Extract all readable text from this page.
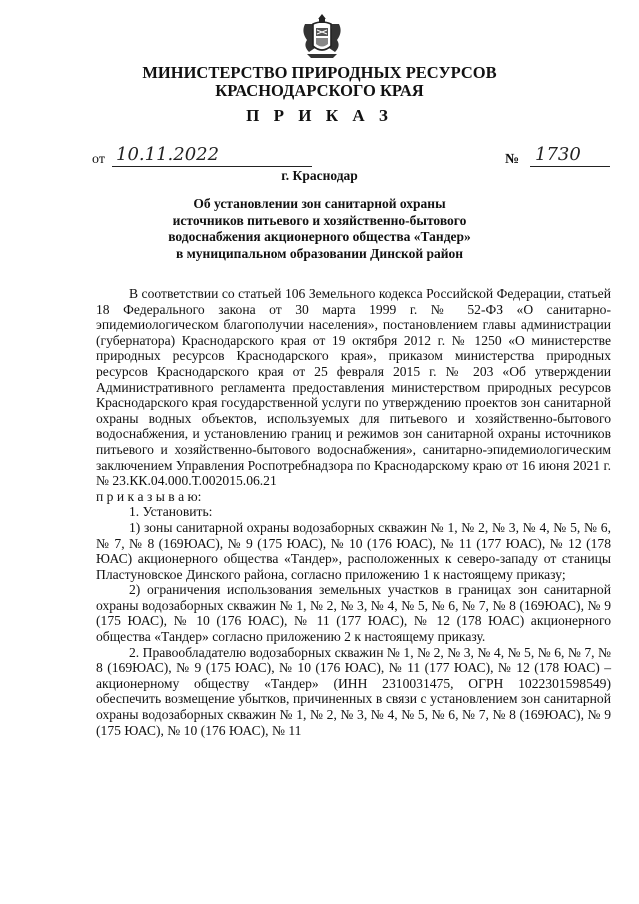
МИНИСТЕРСТВО ПРИРОДНЫХ РЕСУРСОВ
КРАСНОДАРСКОГО КРАЯ
П Р И К А З
от 10.11.2022	№ 1730
г. Краснодар
Об установлении зон санитарной охраны
источников питьевого и хозяйственно-бытового
водоснабжения акционерного общества «Тандер»
в муниципальном образовании Динской район

В соответствии со статьей 106 Земельного кодекса Российской Федерации, статьей 18 Федерального закона от 30 марта 1999 г. № 52-ФЗ «О санитарно-эпидемиологическом благополучии населения», постановлением главы администрации (губернатора) Краснодарского края от 19 октября 2012 г. № 1250 «О министерстве природных ресурсов Краснодарского края», приказом министерства природных ресурсов Краснодарского края от 25 февраля 2015 г. № 203 «Об утверждении Административного регламента предоставления министерством природных ресурсов Краснодарского края государственной услуги по утверждению проектов зон санитарной охраны водных объектов, используемых для питьевого и хозяйственно-бытового водоснабжения, и установлению границ и режимов зон санитарной охраны источников питьевого и хозяйственно-бытового водоснабжения», санитарно-эпидемиологическим заключением Управления Роспотребнадзора по Краснодарскому краю от 16 июня 2021 г. № 23.КК.04.000.Т.002015.06.21

п р и к а з ы в а ю:

1. Установить:

1) зоны санитарной охраны водозаборных скважин № 1, № 2, № 3, № 4, № 5, № 6, № 7, № 8 (169ЮАС), № 9 (175 ЮАС), № 10 (176 ЮАС), № 11 (177 ЮАС), № 12 (178 ЮАС) акционерного общества «Тандер», расположенных к северо-западу от станицы Пластуновское Динского района, согласно приложению 1 к настоящему приказу;

2) ограничения использования земельных участков в границах зон санитарной охраны водозаборных скважин № 1, № 2, № 3, № 4, № 5, № 6, № 7, № 8 (169ЮАС), № 9 (175 ЮАС), № 10 (176 ЮАС), № 11 (177 ЮАС), № 12 (178 ЮАС) акционерного общества «Тандер» согласно приложению 2 к настоящему приказу.

2. Правообладателю водозаборных скважин № 1, № 2, № 3, № 4, № 5, № 6, № 7, № 8 (169ЮАС), № 9 (175 ЮАС), № 10 (176 ЮАС), № 11 (177 ЮАС), № 12 (178 ЮАС) – акционерному обществу «Тандер» (ИНН 2310031475, ОГРН 1022301598549) обеспечить возмещение убытков, причиненных в связи с установлением зон санитарной охраны водозаборных скважин № 1, № 2, № 3, № 4, № 5, № 6, № 7, № 8 (169ЮАС), № 9 (175 ЮАС), № 10 (176 ЮАС), № 11
